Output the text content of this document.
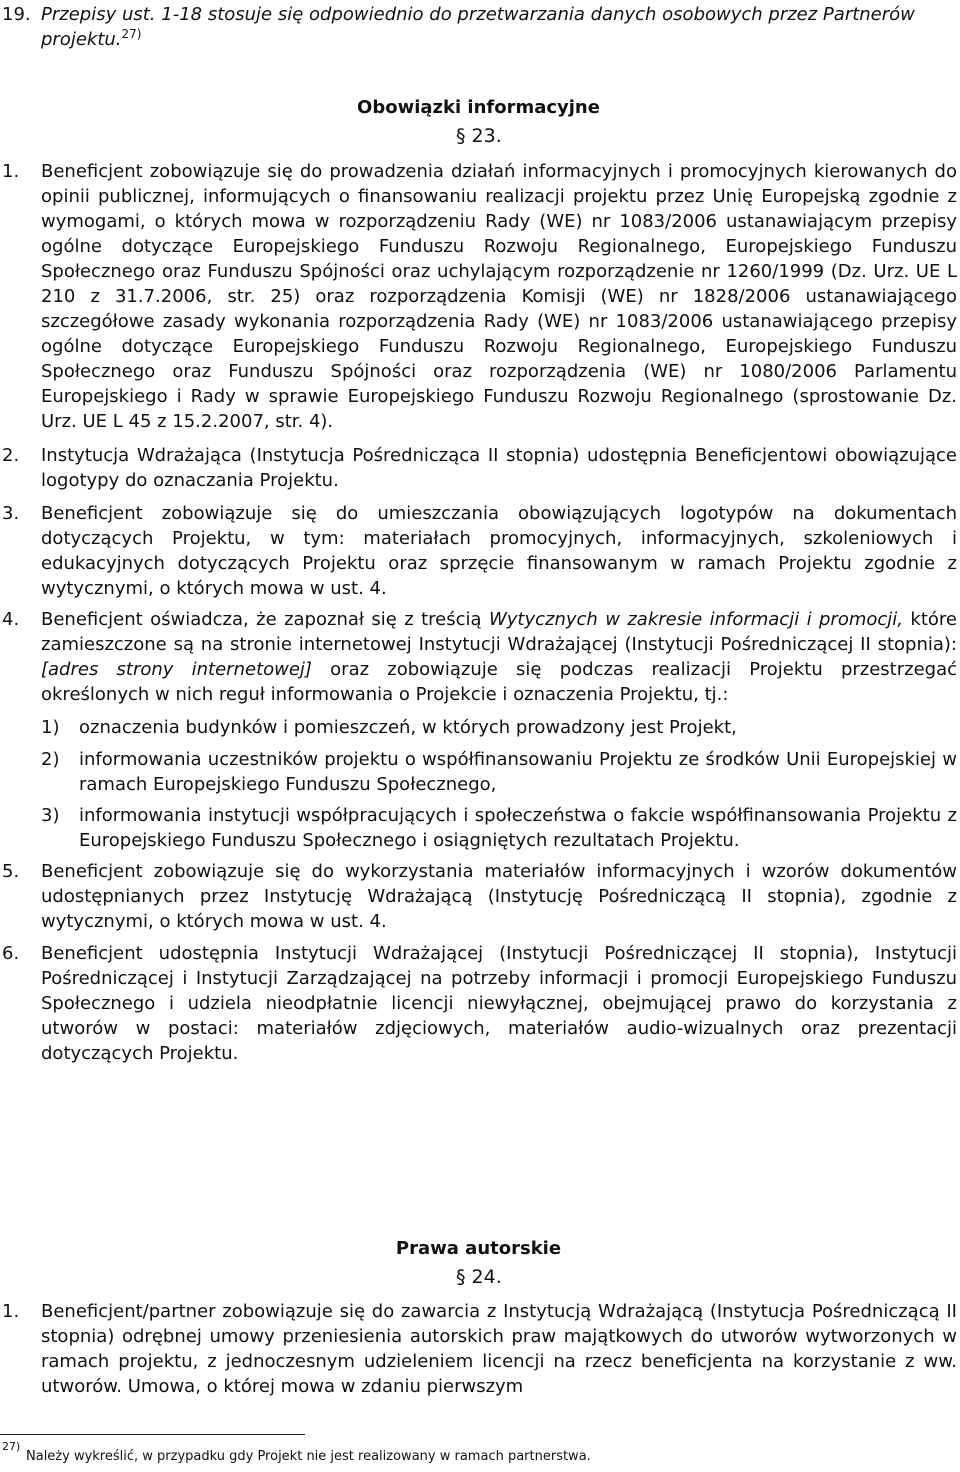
19. Przepisy ust. 1-18 stosuje się odpowiednio do przetwarzania danych osobowych przez Partnerów projektu.$^{27)}$
Obowiązki informacyjne
§ 23.
1. Beneficjent zobowiązuje się do prowadzenia działań informacyjnych i promocyjnych kierowanych do opinii publicznej, informujących o finansowaniu realizacji projektu przez Unię Europejską zgodnie z wymogami, o których mowa w rozporządzeniu Rady (WE) nr 1083/2006 ustanawiającym przepisy ogólne dotyczące Europejskiego Funduszu Rozwoju Regionalnego, Europejskiego Funduszu Społecznego oraz Funduszu Spójności oraz uchylającym rozporządzenie nr 1260/1999 (Dz. Urz. UE L 210 z 31.7.2006, str. 25) oraz rozporządzenia Komisji (WE) nr 1828/2006 ustanawiającego szczegółowe zasady wykonania rozporządzenia Rady (WE) nr 1083/2006 ustanawiającego przepisy ogólne dotyczące Europejskiego Funduszu Rozwoju Regionalnego, Europejskiego Funduszu Społecznego oraz Funduszu Spójności oraz rozporządzenia (WE) nr 1080/2006 Parlamentu Europejskiego i Rady w sprawie Europejskiego Funduszu Rozwoju Regionalnego (sprostowanie Dz. Urz. UE L 45 z 15.2.2007, str. 4).
2. Instytucja Wdrażająca (Instytucja Pośrednicząca II stopnia) udostępnia Beneficjentowi obowiązujące logotypy do oznaczania Projektu.
3. Beneficjent zobowiązuje się do umieszczania obowiązujących logotypów na dokumentach dotyczących Projektu, w tym: materiałach promocyjnych, informacyjnych, szkoleniowych i edukacyjnych dotyczących Projektu oraz sprzęcie finansowanym w ramach Projektu zgodnie z wytycznymi, o których mowa w ust. 4.
4. Beneficjent oświadcza, że zapoznał się z treścią Wytycznych w zakresie informacji i promocji, które zamieszczone są na stronie internetowej Instytucji Wdrażającej (Instytucji Pośredniczącej II stopnia): [adres strony internetowej] oraz zobowiązuje się podczas realizacji Projektu przestrzegać określonych w nich reguł informowania o Projekcie i oznaczenia Projektu, tj.:
1) oznaczenia budynków i pomieszczeń, w których prowadzony jest Projekt,
2) informowania uczestników projektu o współfinansowaniu Projektu ze środków Unii Europejskiej w ramach Europejskiego Funduszu Społecznego,
3) informowania instytucji współpracujących i społeczeństwa o fakcie współfinansowania Projektu z Europejskiego Funduszu Społecznego i osiągniętych rezultatach Projektu.
5. Beneficjent zobowiązuje się do wykorzystania materiałów informacyjnych i wzorów dokumentów udostępnianych przez Instytucję Wdrażającą (Instytucję Pośredniczącą II stopnia), zgodnie z wytycznymi, o których mowa w ust. 4.
6. Beneficjent udostępnia Instytucji Wdrażającej (Instytucji Pośredniczącej II stopnia), Instytucji Pośredniczącej i Instytucji Zarządzającej na potrzeby informacji i promocji Europejskiego Funduszu Społecznego i udziela nieodpłatnie licencji niewyłącznej, obejmującej prawo do korzystania z utworów w postaci: materiałów zdjęciowych, materiałów audio-wizualnych oraz prezentacji dotyczących Projektu.
Prawa autorskie
§ 24.
1. Beneficjent/partner zobowiązuje się do zawarcia z Instytucją Wdrażającą (Instytucja Pośredniczącą II stopnia) odrębnej umowy przeniesienia autorskich praw majątkowych do utworów wytworzonych w ramach projektu, z jednoczesnym udzieleniem licencji na rzecz beneficjenta na korzystanie z ww. utworów. Umowa, o której mowa w zdaniu pierwszym
27)
Należy wykreślić, w przypadku gdy Projekt nie jest realizowany w ramach partnerstwa.
